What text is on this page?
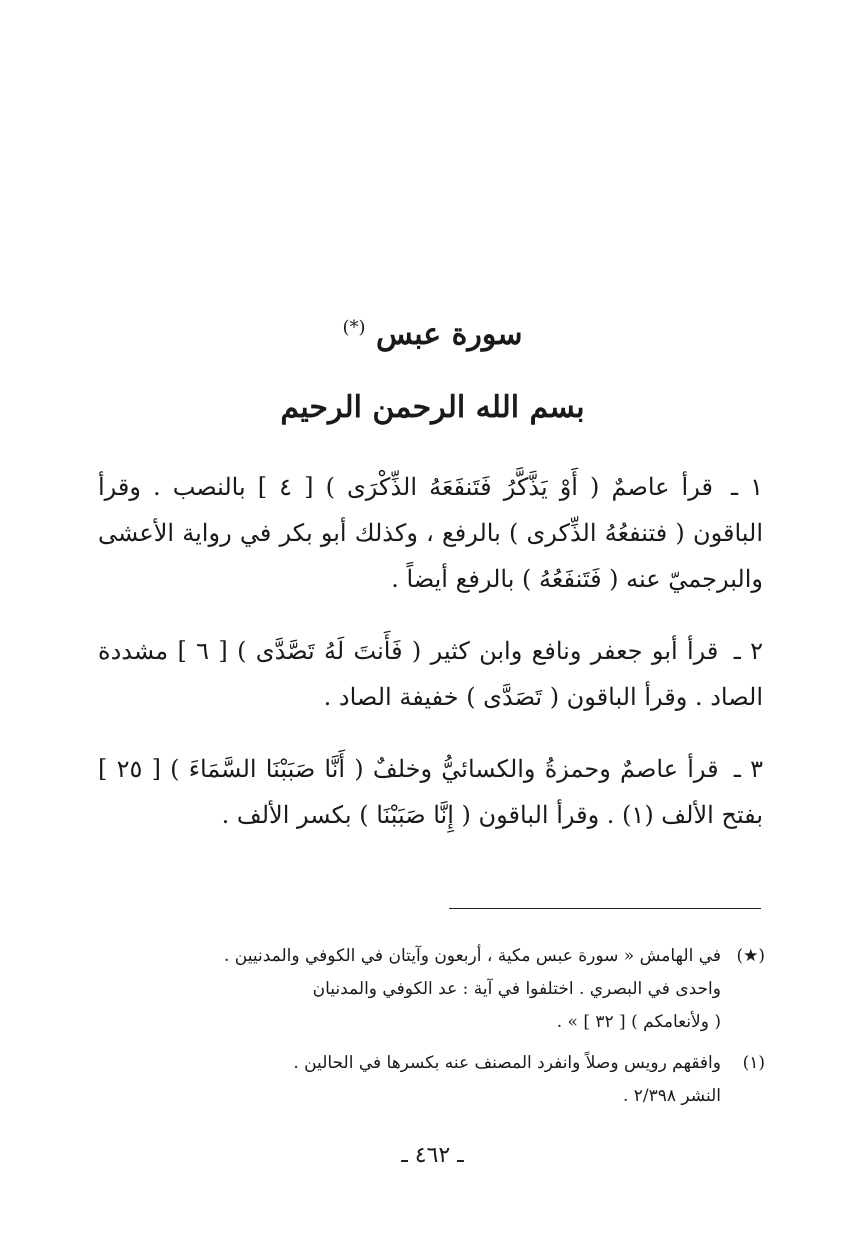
سورة عبس (*)
بسم الله الرحمن الرحيم

١ ـ قرأ عاصمٌ ( أَوْ يَذَّكَّرُ فَتَنفَعَهُ الذِّكْرَى ) [ ٤ ] بالنصب . وقرأ الباقون ( فتنفعُهُ الذِّكرى ) بالرفع ، وكذلك أبو بكر في رواية الأعشى والبرجميّ عنه ( فَتَنفَعُهُ ) بالرفع أيضاً .

٢ ـ قرأ أبو جعفر ونافع وابن كثير ( فَأَنتَ لَهُ تَصَّدَّى ) [ ٦ ] مشددة الصاد . وقرأ الباقون ( تَصَدَّى ) خفيفة الصاد .

٣ ـ قرأ عاصمٌ وحمزةُ والكسائيُّ وخلفٌ ( أَنَّا صَبَبْنَا السَّمَاءَ ) [ ٢٥ ] بفتح الألف (١) . وقرأ الباقون ( إِنَّا صَبَبْنَا ) بكسر الألف .

(★)
في الهامش « سورة عبس مكية ، أربعون وآيتان في الكوفي والمدنيين .
واحدى في البصري . اختلفوا في آية : عد الكوفي والمدنيان
( ولأنعامكم ) [ ٣٢ ] » .
(١)
وافقهم رويس وصلاً وانفرد المصنف عنه بكسرها في الحالين .
النشر ٢/٣٩٨ .
ـ ٤٦٢ ـ
